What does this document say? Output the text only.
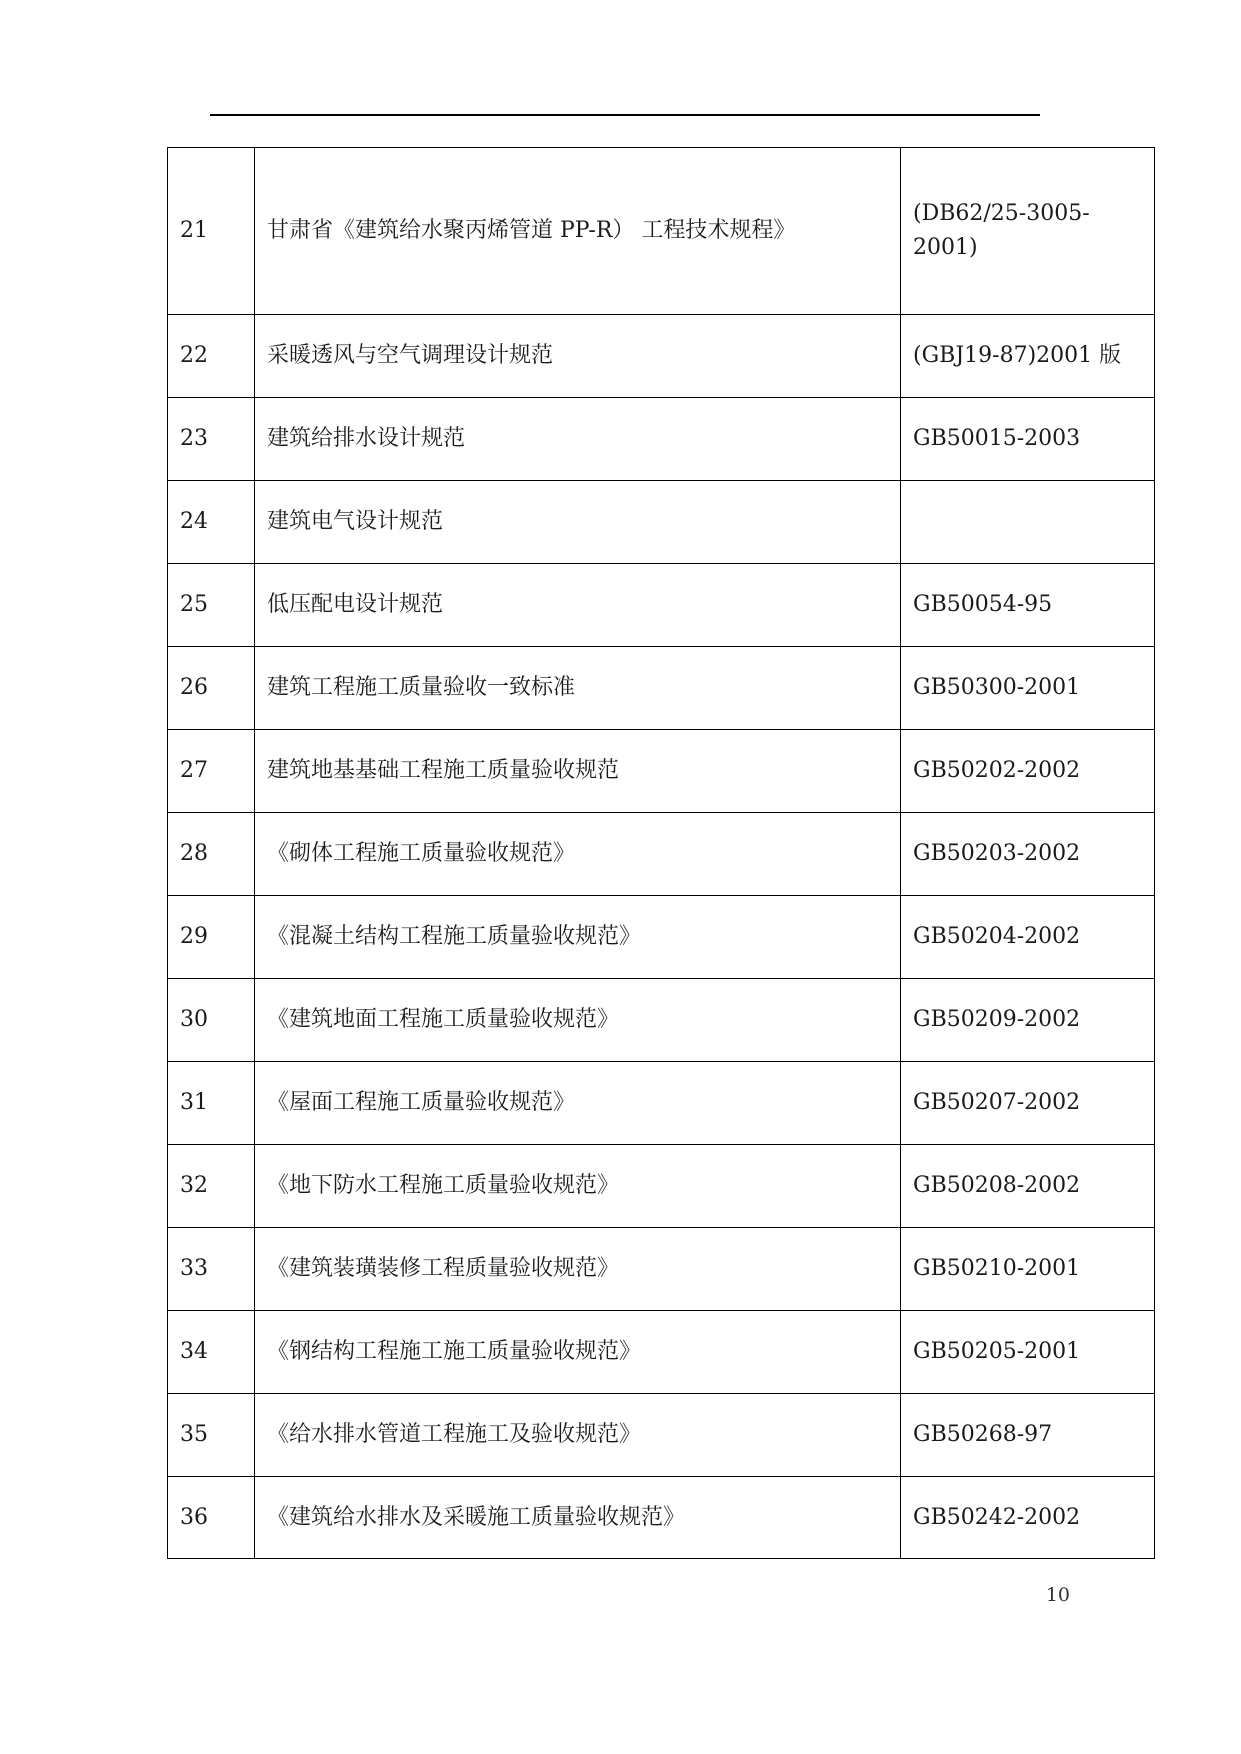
21	甘肃省《建筑给水聚丙烯管道 PP-R） 工程技术规程》	(DB62/25-3005-2001)
22	采暖透风与空气调理设计规范	(GBJ19-87)2001 版
23	建筑给排水设计规范	GB50015-2003
24	建筑电气设计规范	
25	低压配电设计规范	GB50054-95
26	建筑工程施工质量验收一致标准	GB50300-2001
27	建筑地基基础工程施工质量验收规范	GB50202-2002
28	《砌体工程施工质量验收规范》	GB50203-2002
29	《混凝土结构工程施工质量验收规范》	GB50204-2002
30	《建筑地面工程施工质量验收规范》	GB50209-2002
31	《屋面工程施工质量验收规范》	GB50207-2002
32	《地下防水工程施工质量验收规范》	GB50208-2002
33	《建筑装璜装修工程质量验收规范》	GB50210-2001
34	《钢结构工程施工施工质量验收规范》	GB50205-2001
35	《给水排水管道工程施工及验收规范》	GB50268-97
36	《建筑给水排水及采暖施工质量验收规范》	GB50242-2002
10
